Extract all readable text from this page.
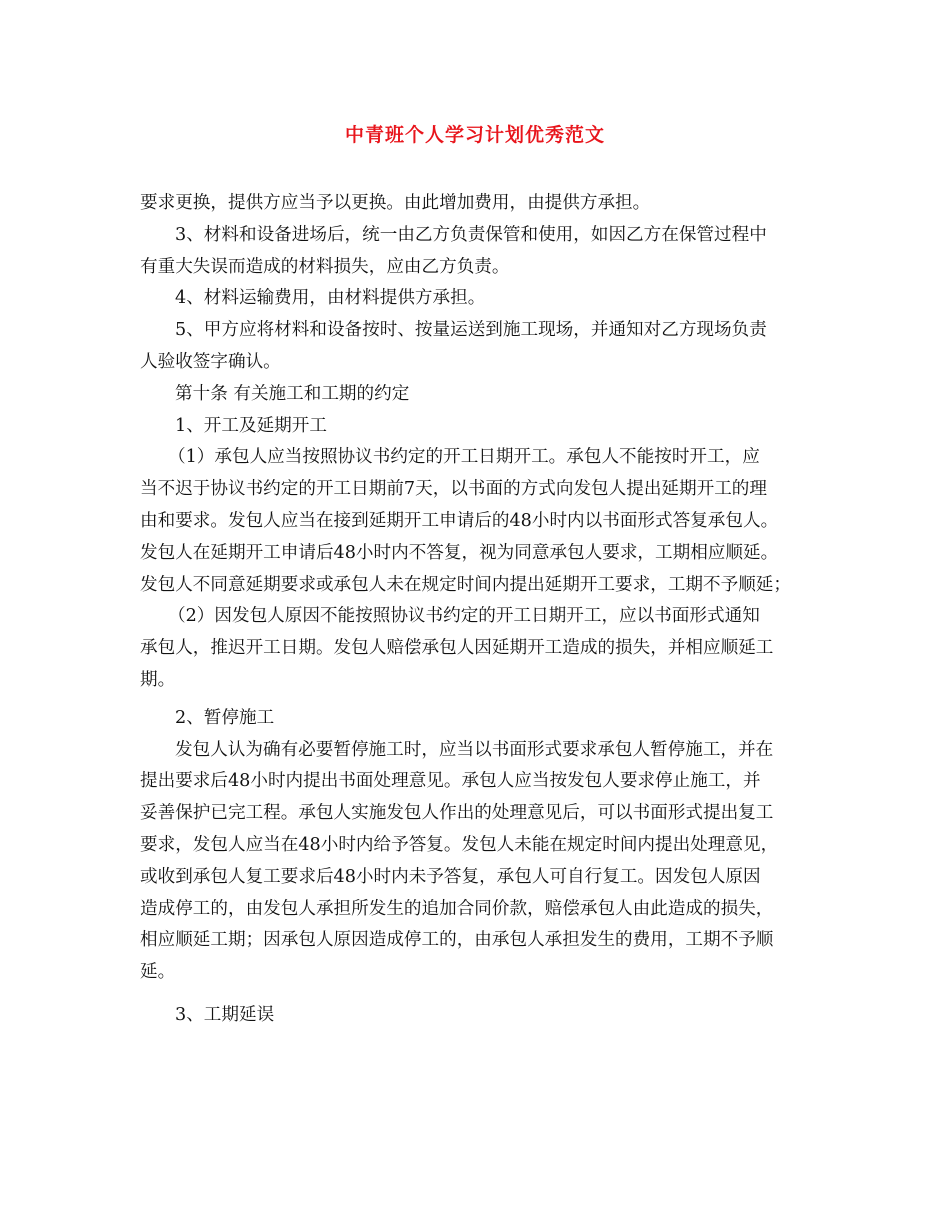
中青班个人学习计划优秀范文
要求更换，提供方应当予以更换。由此增加费用，由提供方承担。
3、材料和设备进场后，统一由乙方负责保管和使用，如因乙方在保管过程中
有重大失误而造成的材料损失，应由乙方负责。
4、材料运输费用，由材料提供方承担。
5、甲方应将材料和设备按时、按量运送到施工现场，并通知对乙方现场负责
人验收签字确认。
第十条 有关施工和工期的约定
1、开工及延期开工
（1）承包人应当按照协议书约定的开工日期开工。承包人不能按时开工，应
当不迟于协议书约定的开工日期前7天，以书面的方式向发包人提出延期开工的理
由和要求。发包人应当在接到延期开工申请后的48小时内以书面形式答复承包人。
发包人在延期开工申请后48小时内不答复，视为同意承包人要求，工期相应顺延。
发包人不同意延期要求或承包人未在规定时间内提出延期开工要求，工期不予顺延；
（2）因发包人原因不能按照协议书约定的开工日期开工，应以书面形式通知
承包人，推迟开工日期。发包人赔偿承包人因延期开工造成的损失，并相应顺延工
期。
2、暂停施工
发包人认为确有必要暂停施工时，应当以书面形式要求承包人暂停施工，并在
提出要求后48小时内提出书面处理意见。承包人应当按发包人要求停止施工，并
妥善保护已完工程。承包人实施发包人作出的处理意见后，可以书面形式提出复工
要求，发包人应当在48小时内给予答复。发包人未能在规定时间内提出处理意见，
或收到承包人复工要求后48小时内未予答复，承包人可自行复工。因发包人原因
造成停工的，由发包人承担所发生的追加合同价款，赔偿承包人由此造成的损失，
相应顺延工期；因承包人原因造成停工的，由承包人承担发生的费用，工期不予顺
延。
3、工期延误
